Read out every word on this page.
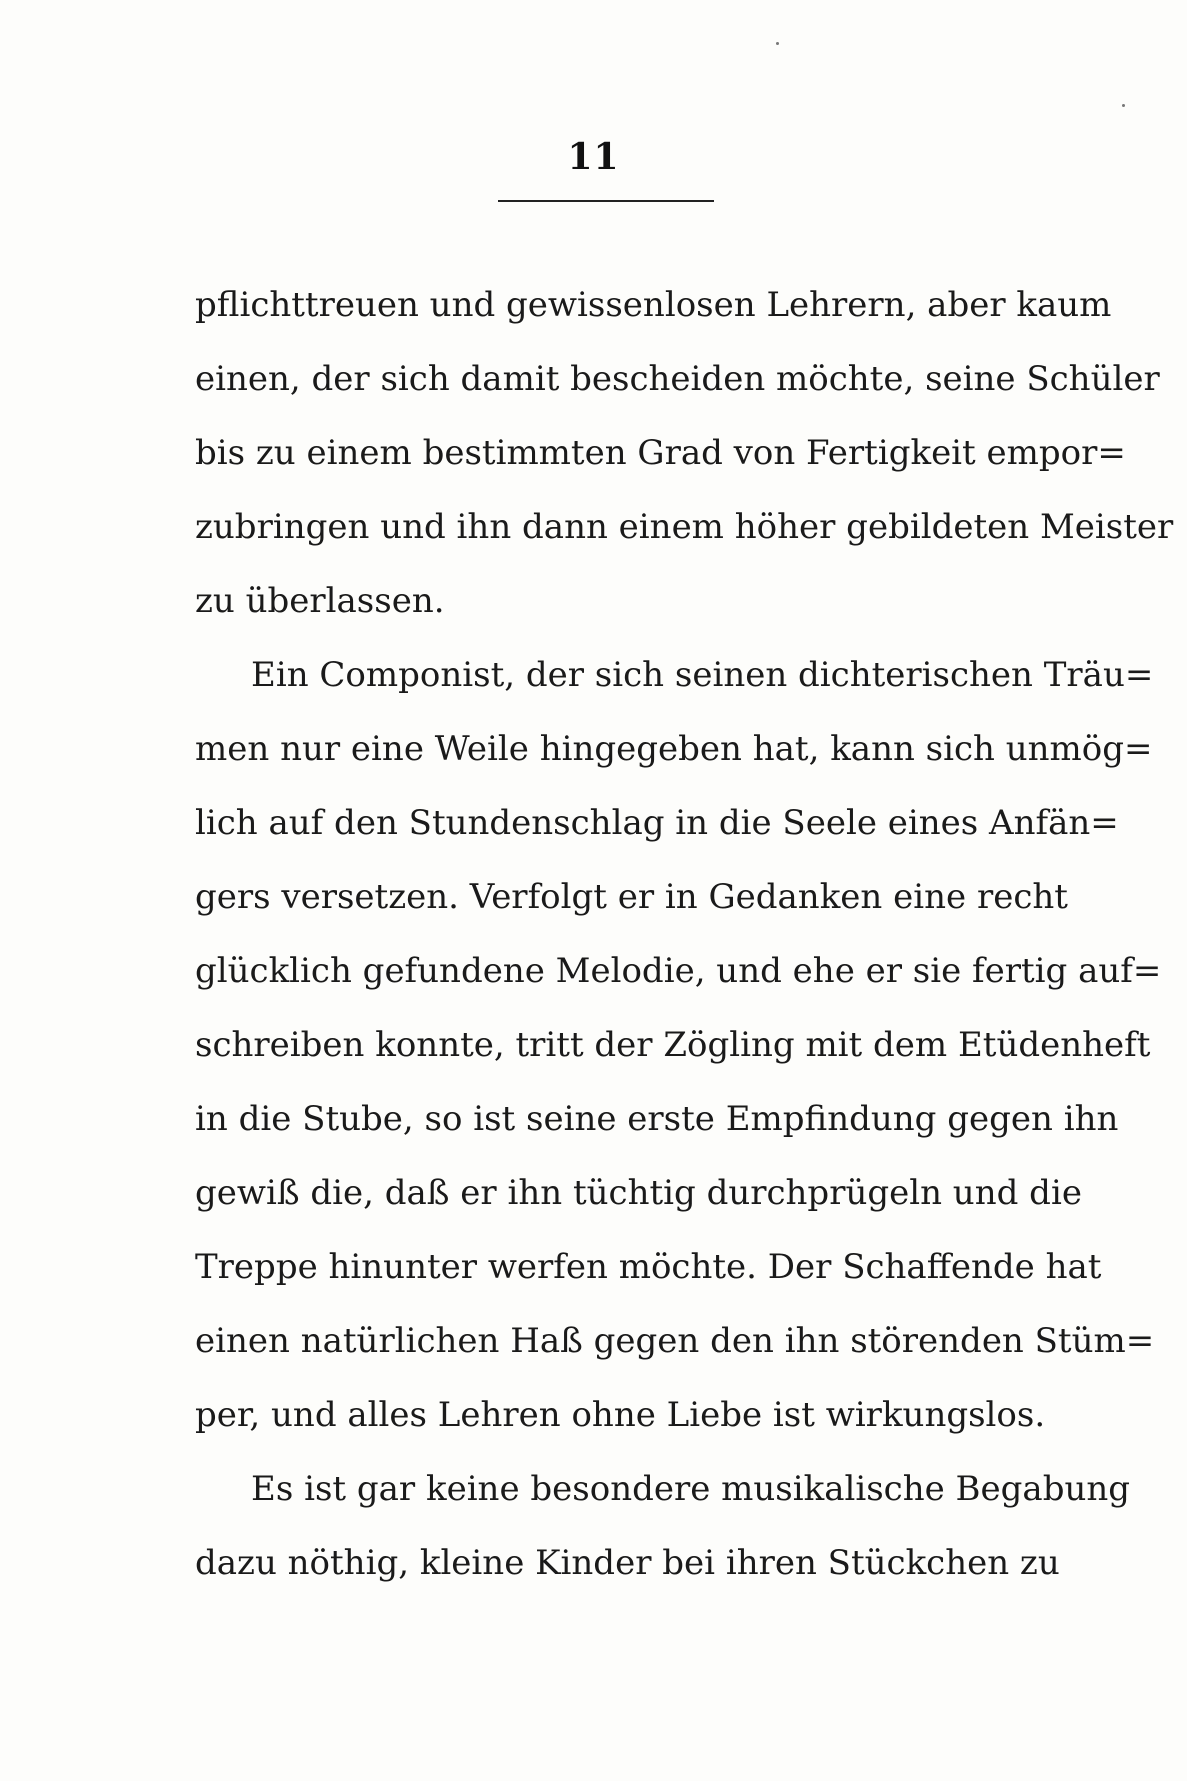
11
pflichttreuen und gewissenlosen Lehrern, aber kaum
einen, der sich damit bescheiden möchte, seine Schüler
bis zu einem bestimmten Grad von Fertigkeit empor=
zubringen und ihn dann einem höher gebildeten Meister
zu überlassen.
Ein Componist, der sich seinen dichterischen Träu=
men nur eine Weile hingegeben hat, kann sich unmög=
lich auf den Stundenschlag in die Seele eines Anfän=
gers versetzen. Verfolgt er in Gedanken eine recht
glücklich gefundene Melodie, und ehe er sie fertig auf=
schreiben konnte, tritt der Zögling mit dem Etüdenheft
in die Stube, so ist seine erste Empfindung gegen ihn
gewiß die, daß er ihn tüchtig durchprügeln und die
Treppe hinunter werfen möchte. Der Schaffende hat
einen natürlichen Haß gegen den ihn störenden Stüm=
per, und alles Lehren ohne Liebe ist wirkungslos.
Es ist gar keine besondere musikalische Begabung
dazu nöthig, kleine Kinder bei ihren Stückchen zu
